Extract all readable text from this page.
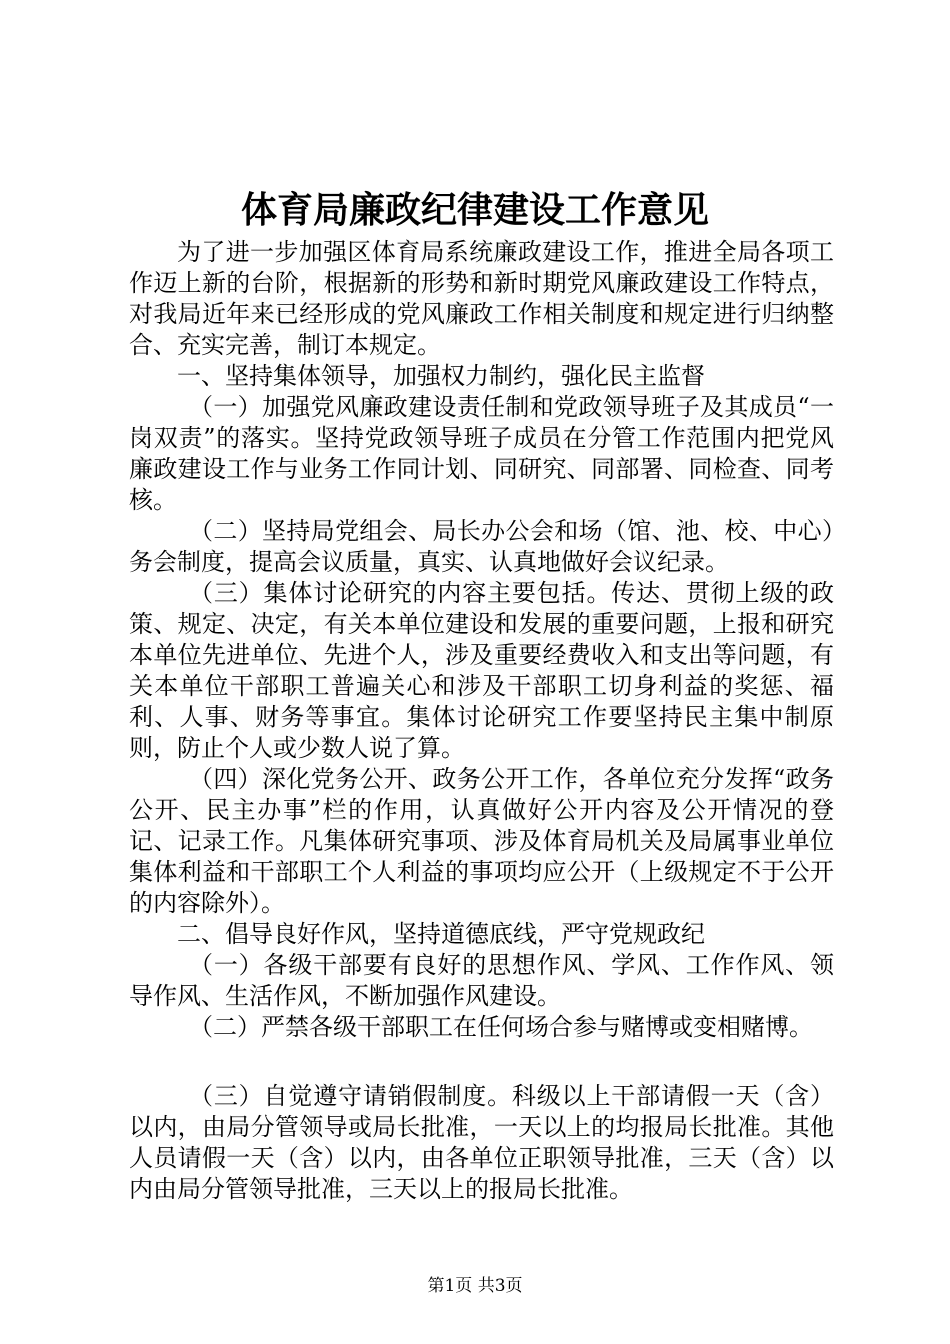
体育局廉政纪律建设工作意见

为了进一步加强区体育局系统廉政建设工作，推进全局各项工作迈上新的台阶，根据新的形势和新时期党风廉政建设工作特点，对我局近年来已经形成的党风廉政工作相关制度和规定进行归纳整合、充实完善，制订本规定。

一、坚持集体领导，加强权力制约，强化民主监督

（一）加强党风廉政建设责任制和党政领导班子及其成员“一岗双责”的落实。坚持党政领导班子成员在分管工作范围内把党风廉政建设工作与业务工作同计划、同研究、同部署、同检查、同考核。

（二）坚持局党组会、局长办公会和场（馆、池、校、中心）务会制度，提高会议质量，真实、认真地做好会议纪录。

（三）集体讨论研究的内容主要包括。传达、贯彻上级的政策、规定、决定，有关本单位建设和发展的重要问题，上报和研究本单位先进单位、先进个人，涉及重要经费收入和支出等问题，有关本单位干部职工普遍关心和涉及干部职工切身利益的奖惩、福利、人事、财务等事宜。集体讨论研究工作要坚持民主集中制原则，防止个人或少数人说了算。

（四）深化党务公开、政务公开工作，各单位充分发挥“政务公开、民主办事”栏的作用，认真做好公开内容及公开情况的登记、记录工作。凡集体研究事项、涉及体育局机关及局属事业单位集体利益和干部职工个人利益的事项均应公开（上级规定不于公开的内容除外）。

二、倡导良好作风，坚持道德底线，严守党规政纪

（一）各级干部要有良好的思想作风、学风、工作作风、领导作风、生活作风，不断加强作风建设。

（二）严禁各级干部职工在任何场合参与赌博或变相赌博。

（三）自觉遵守请销假制度。科级以上干部请假一天（含）以内，由局分管领导或局长批准，一天以上的均报局长批准。其他人员请假一天（含）以内，由各单位正职领导批准，三天（含）以内由局分管领导批准，三天以上的报局长批准。

第1页 共3页
